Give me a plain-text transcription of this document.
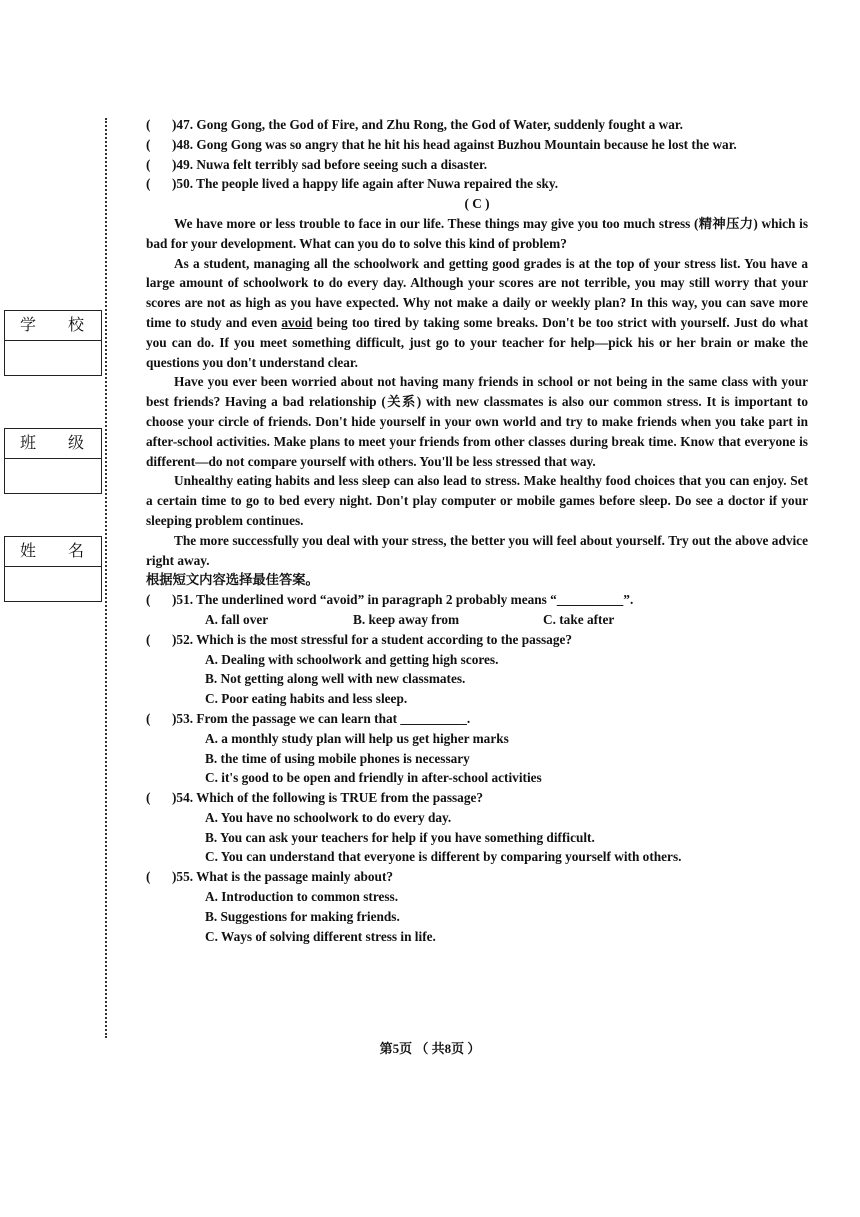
学 校
班 级
姓 名
(	)47. Gong Gong, the God of Fire, and Zhu Rong, the God of Water, suddenly fought a war.
(	)48. Gong Gong was so angry that he hit his head against Buzhou Mountain because he lost the war.
(	)49. Nuwa felt terribly sad before seeing such a disaster.
(	)50. The people lived a happy life again after Nuwa repaired the sky.
( C )
We have more or less trouble to face in our life. These things may give you too much stress (精神压力) which is bad for your development. What can you do to solve this kind of problem?
As a student, managing all the schoolwork and getting good grades is at the top of your stress list. You have a large amount of schoolwork to do every day. Although your scores are not terrible, you may still worry that your scores are not as high as you have expected. Why not make a daily or weekly plan? In this way, you can save more time to study and even avoid being too tired by taking some breaks. Don't be too strict with yourself. Just do what you can do. If you meet something difficult, just go to your teacher for help—pick his or her brain or make the questions you don't understand clear.
Have you ever been worried about not having many friends in school or not being in the same class with your best friends? Having a bad relationship (关系) with new classmates is also our common stress. It is important to choose your circle of friends. Don't hide yourself in your own world and try to make friends when you take part in after-school activities. Make plans to meet your friends from other classes during break time. Know that everyone is different—do not compare yourself with others. You'll be less stressed that way.
Unhealthy eating habits and less sleep can also lead to stress. Make healthy food choices that you can enjoy. Set a certain time to go to bed every night. Don't play computer or mobile games before sleep. Do see a doctor if your sleeping problem continues.
The more successfully you deal with your stress, the better you will feel about yourself. Try out the above advice right away.
根据短文内容选择最佳答案。
(	)51. The underlined word “avoid” in paragraph 2 probably means “__________”.
A. fall over	B. keep away from	C. take after
(	)52. Which is the most stressful for a student according to the passage?
A. Dealing with schoolwork and getting high scores.
B. Not getting along well with new classmates.
C. Poor eating habits and less sleep.
(	)53. From the passage we can learn that __________.
A. a monthly study plan will help us get higher marks
B. the time of using mobile phones is necessary
C. it's good to be open and friendly in after-school activities
(	)54. Which of the following is TRUE from the passage?
A. You have no schoolwork to do every day.
B. You can ask your teachers for help if you have something difficult.
C. You can understand that everyone is different by comparing yourself with others.
(	)55. What is the passage mainly about?
A. Introduction to common stress.
B. Suggestions for making friends.
C. Ways of solving different stress in life.
第5页 （ 共8页 ）
